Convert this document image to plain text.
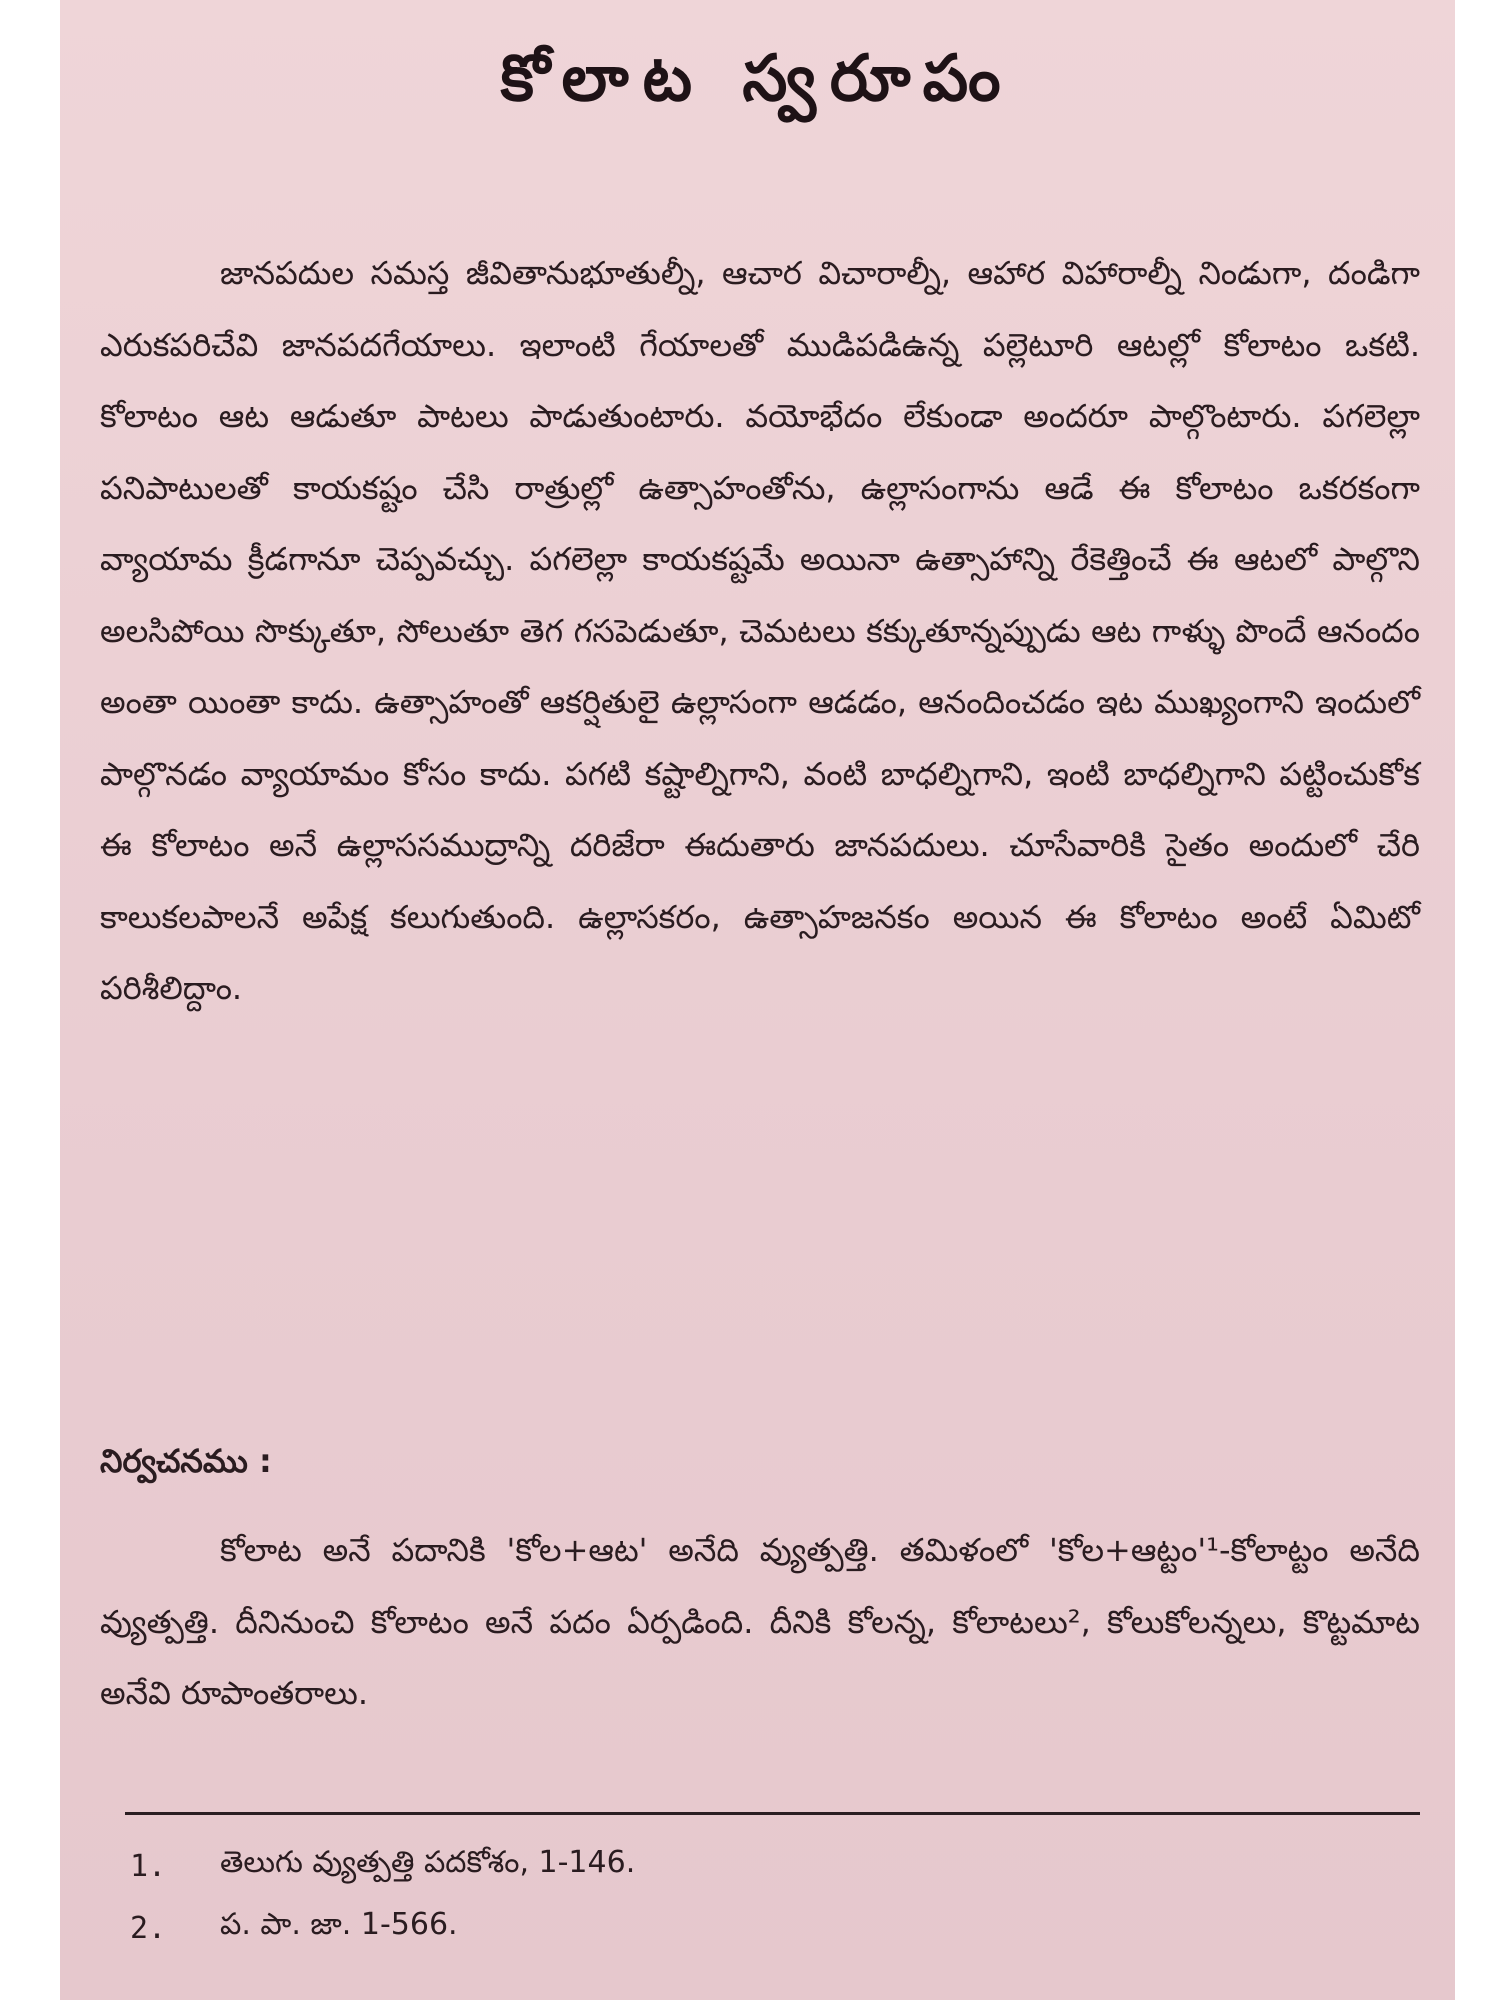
కోలాట స్వరూపం

జానపదుల సమస్త జీవితానుభూతుల్నీ, ఆచార విచారాల్నీ, ఆహార విహారాల్నీ నిండుగా, దండిగా ఎరుకపరిచేవి జానపదగేయాలు. ఇలాంటి గేయాలతో ముడిపడిఉన్న పల్లెటూరి ఆటల్లో కోలాటం ఒకటి. కోలాటం ఆట ఆడుతూ పాటలు పాడుతుంటారు. వయోభేదం లేకుండా అందరూ పాల్గొంటారు. పగలెల్లా పనిపాటులతో కాయకష్టం చేసి రాత్రుల్లో ఉత్సాహంతోను, ఉల్లాసంగాను ఆడే ఈ కోలాటం ఒకరకంగా వ్యాయామ క్రీడగానూ చెప్పవచ్చు. పగలెల్లా కాయకష్టమే అయినా ఉత్సాహాన్ని రేకెత్తించే ఈ ఆటలో పాల్గొని అలసిపోయి సొక్కుతూ, సోలుతూ తెగ గసపెడుతూ, చెమటలు కక్కుతూన్నప్పుడు ఆట గాళ్ళు పొందే ఆనందం అంతా యింతా కాదు. ఉత్సాహంతో ఆకర్షితులై ఉల్లాసంగా ఆడడం, ఆనందించడం ఇట ముఖ్యంగాని ఇందులో పాల్గొనడం వ్యాయామం కోసం కాదు. పగటి కష్టాల్నిగాని, వంటి బాధల్నిగాని, ఇంటి బాధల్నిగాని పట్టించుకోక ఈ కోలాటం అనే ఉల్లాససముద్రాన్ని దరిజేరా ఈదుతారు జానపదులు. చూసేవారికి సైతం అందులో చేరి కాలుకలపాలనే అపేక్ష కలుగుతుంది. ఉల్లాసకరం, ఉత్సాహజనకం అయిన ఈ కోలాటం అంటే ఏమిటో పరిశీలిద్దాం.

నిర్వచనము :

కోలాట అనే పదానికి 'కోల+ఆట' అనేది వ్యుత్పత్తి. తమిళంలో 'కోల+ఆట్టం'¹-కోలాట్టం అనేది వ్యుత్పత్తి. దీనినుంచి కోలాటం అనే పదం ఏర్పడింది. దీనికి కోలన్న, కోలాటలు², కోలుకోలన్నలు, కొట్టమాట అనేవి రూపాంతరాలు.

1.	తెలుగు వ్యుత్పత్తి పదకోశం, 1-146.
2.	ప. పా. జా. 1-566.
